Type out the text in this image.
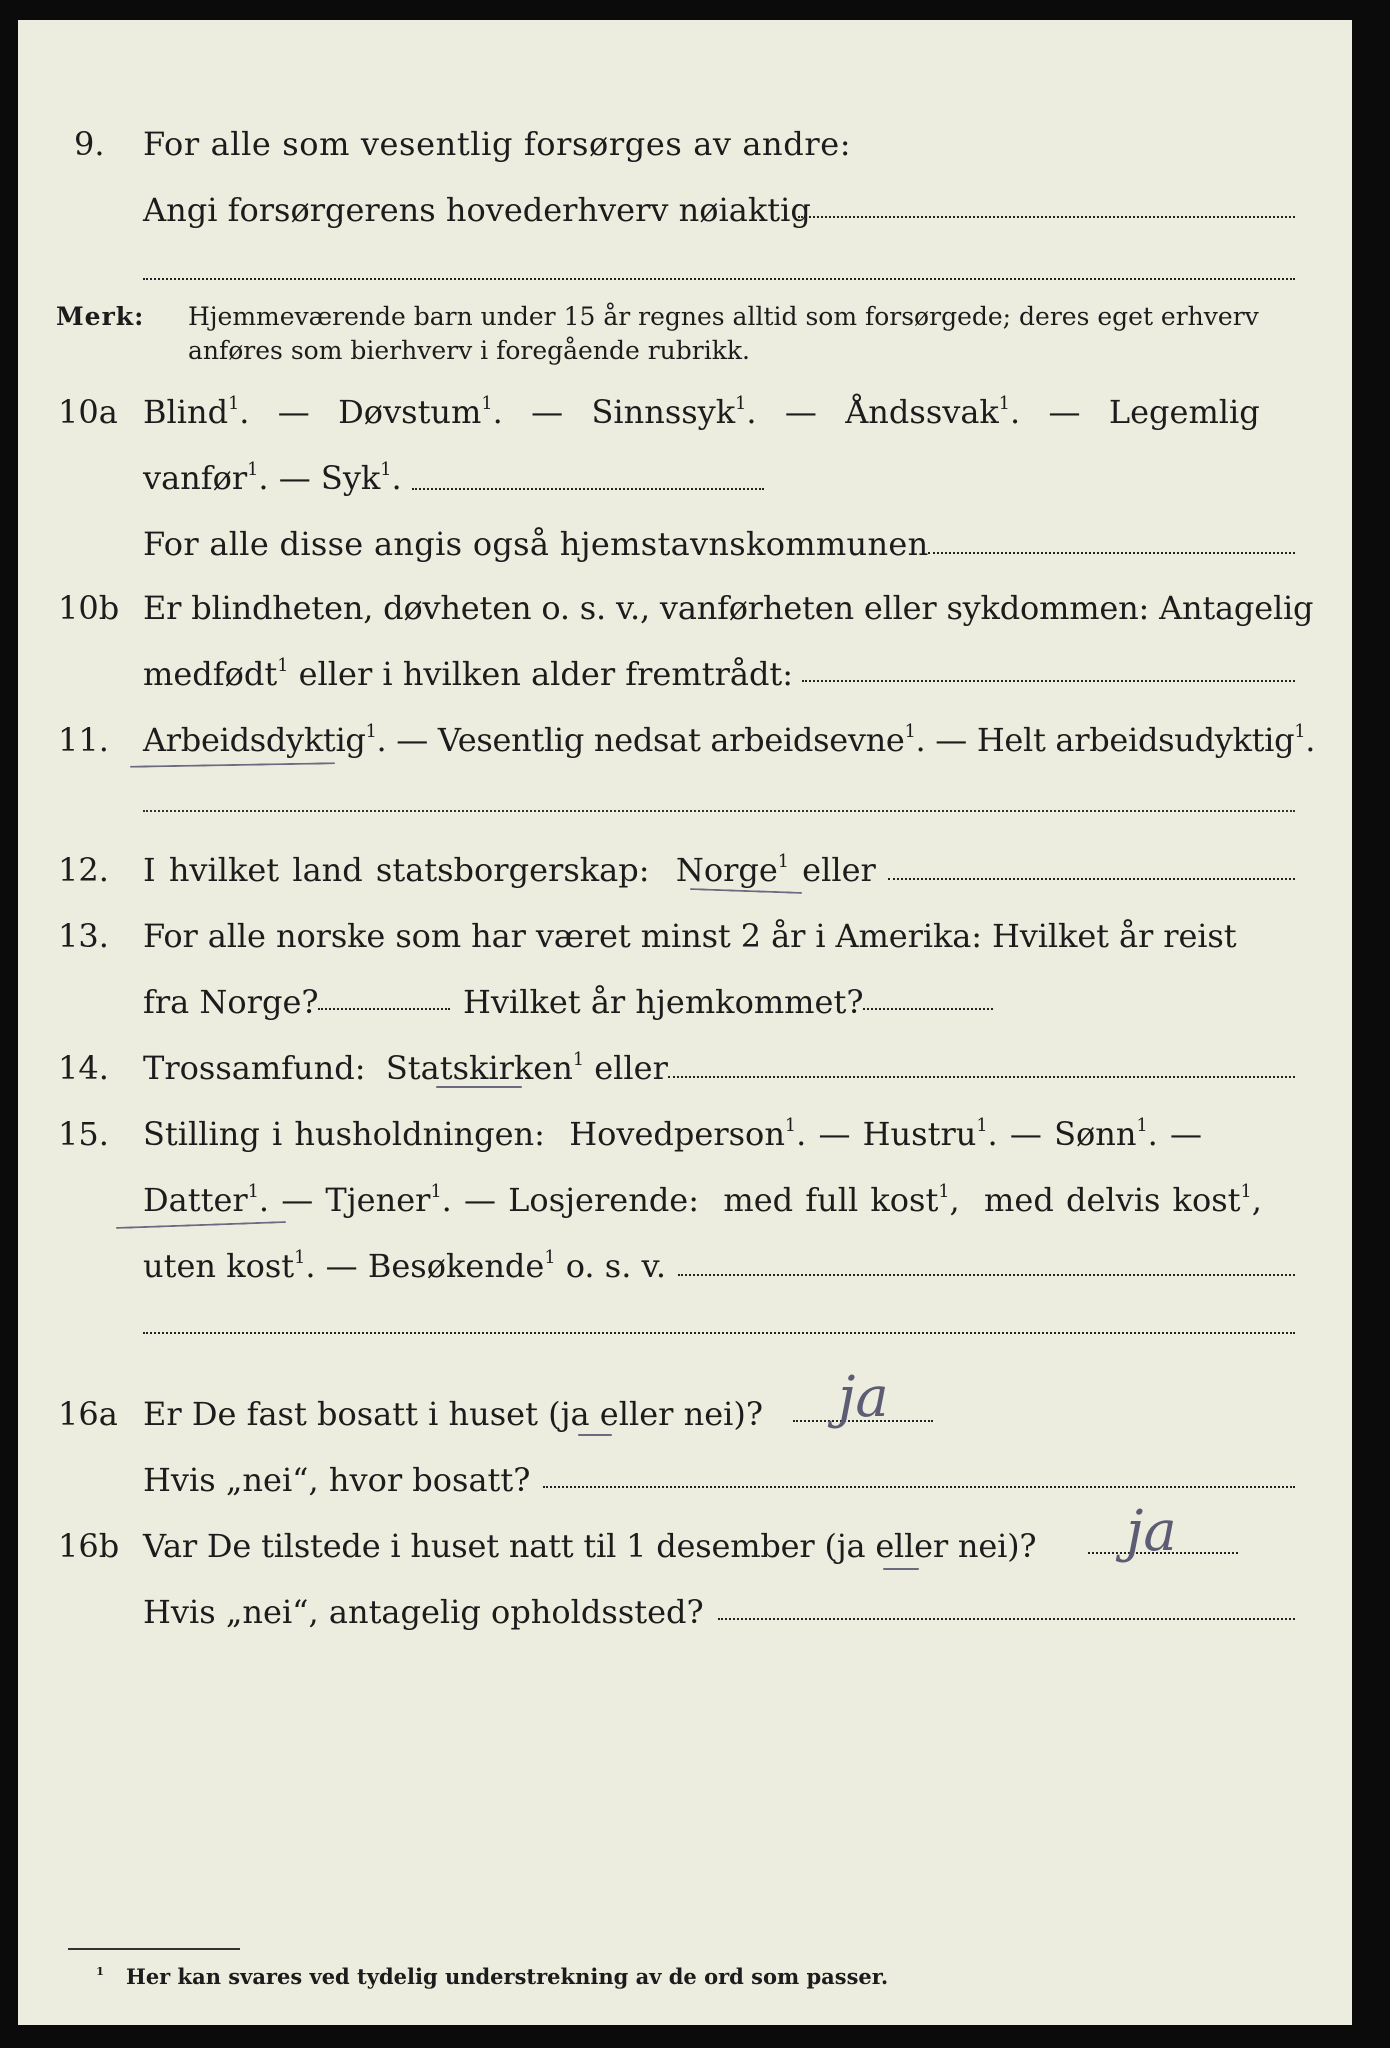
9. For alle som vesentlig forsørges av andre:
Angi forsørgerens hovederhverv nøiaktig
Merk: Hjemmeværende barn under 15 år regnes alltid som forsørgede; deres eget erhverv
anføres som bierhverv i foregående rubrikk.
10a Blind$^1$.  — Døvstum$^1$.  — Sinnssyk$^1$.  — Åndssvak$^1$.  — Legemlig
vanfør$^1$. — Syk$^1$.
For alle disse angis også hjemstavnskommunen
10b Er blindheten, døvheten o. s. v., vanførheten eller sykdommen: Antagelig
medfødt$^1$ eller i hvilken alder fremtrådt:
11. Arbeidsdyktig$^1$. — Vesentlig nedsat arbeidsevne$^1$. — Helt arbeidsudyktig$^1$.
12. I hvilket land statsborgerskap: Norge$^1$ eller
13. For alle norske som har været minst 2 år i Amerika: Hvilket år reist
fra Norge?	Hvilket år hjemkommet?
14. Trossamfund: Statskirken$^1$ eller
15. Stilling i husholdningen: Hovedperson$^1$. — Hustru$^1$. — Sønn$^1$. —
Datter$^1$. — Tjener$^1$. — Losjerende: med full kost$^1$,  med delvis kost$^1$,
uten kost$^1$. — Besøkende$^1$ o. s. v.
16a Er De fast bosatt i huset (ja eller nei)? ja
Hvis „nei“, hvor bosatt?
16b Var De tilstede i huset natt til 1 desember (ja eller nei)? ja
Hvis „nei“, antagelig opholdssted?
$^1$ Her kan svares ved tydelig understrekning av de ord som passer.
